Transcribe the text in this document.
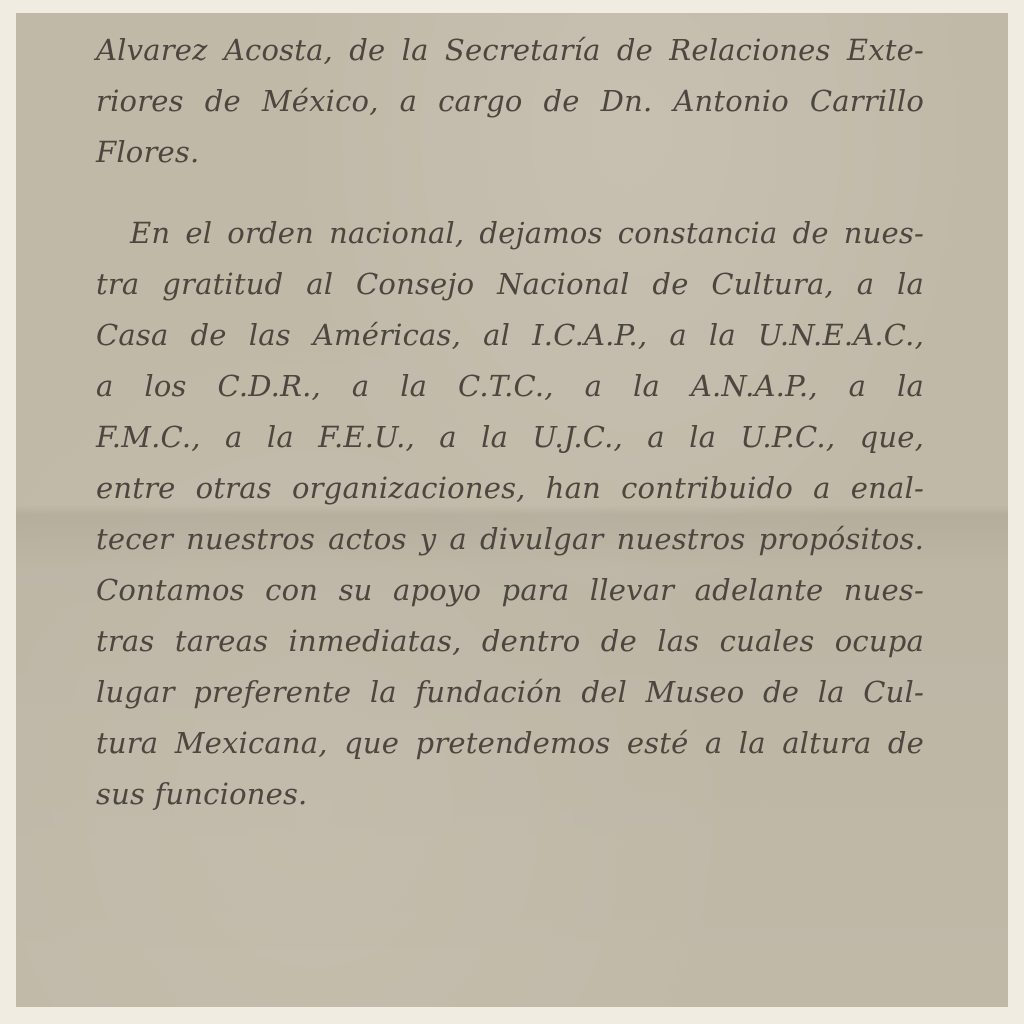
Alvarez Acosta, de la Secretaría de Relaciones Exte-
riores de México, a cargo de Dn. Antonio Carrillo
Flores.
En el orden nacional, dejamos constancia de nues-
tra gratitud al Consejo Nacional de Cultura, a la
Casa de las Américas, al I.C.A.P., a la U.N.E.A.C.,
a los C.D.R., a la C.T.C., a la A.N.A.P., a la
F.M.C., a la F.E.U., a la U.J.C., a la U.P.C., que,
entre otras organizaciones, han contribuido a enal-
tecer nuestros actos y a divulgar nuestros propósitos.
Contamos con su apoyo para llevar adelante nues-
tras tareas inmediatas, dentro de las cuales ocupa
lugar preferente la fundación del Museo de la Cul-
tura Mexicana, que pretendemos esté a la altura de
sus funciones.
